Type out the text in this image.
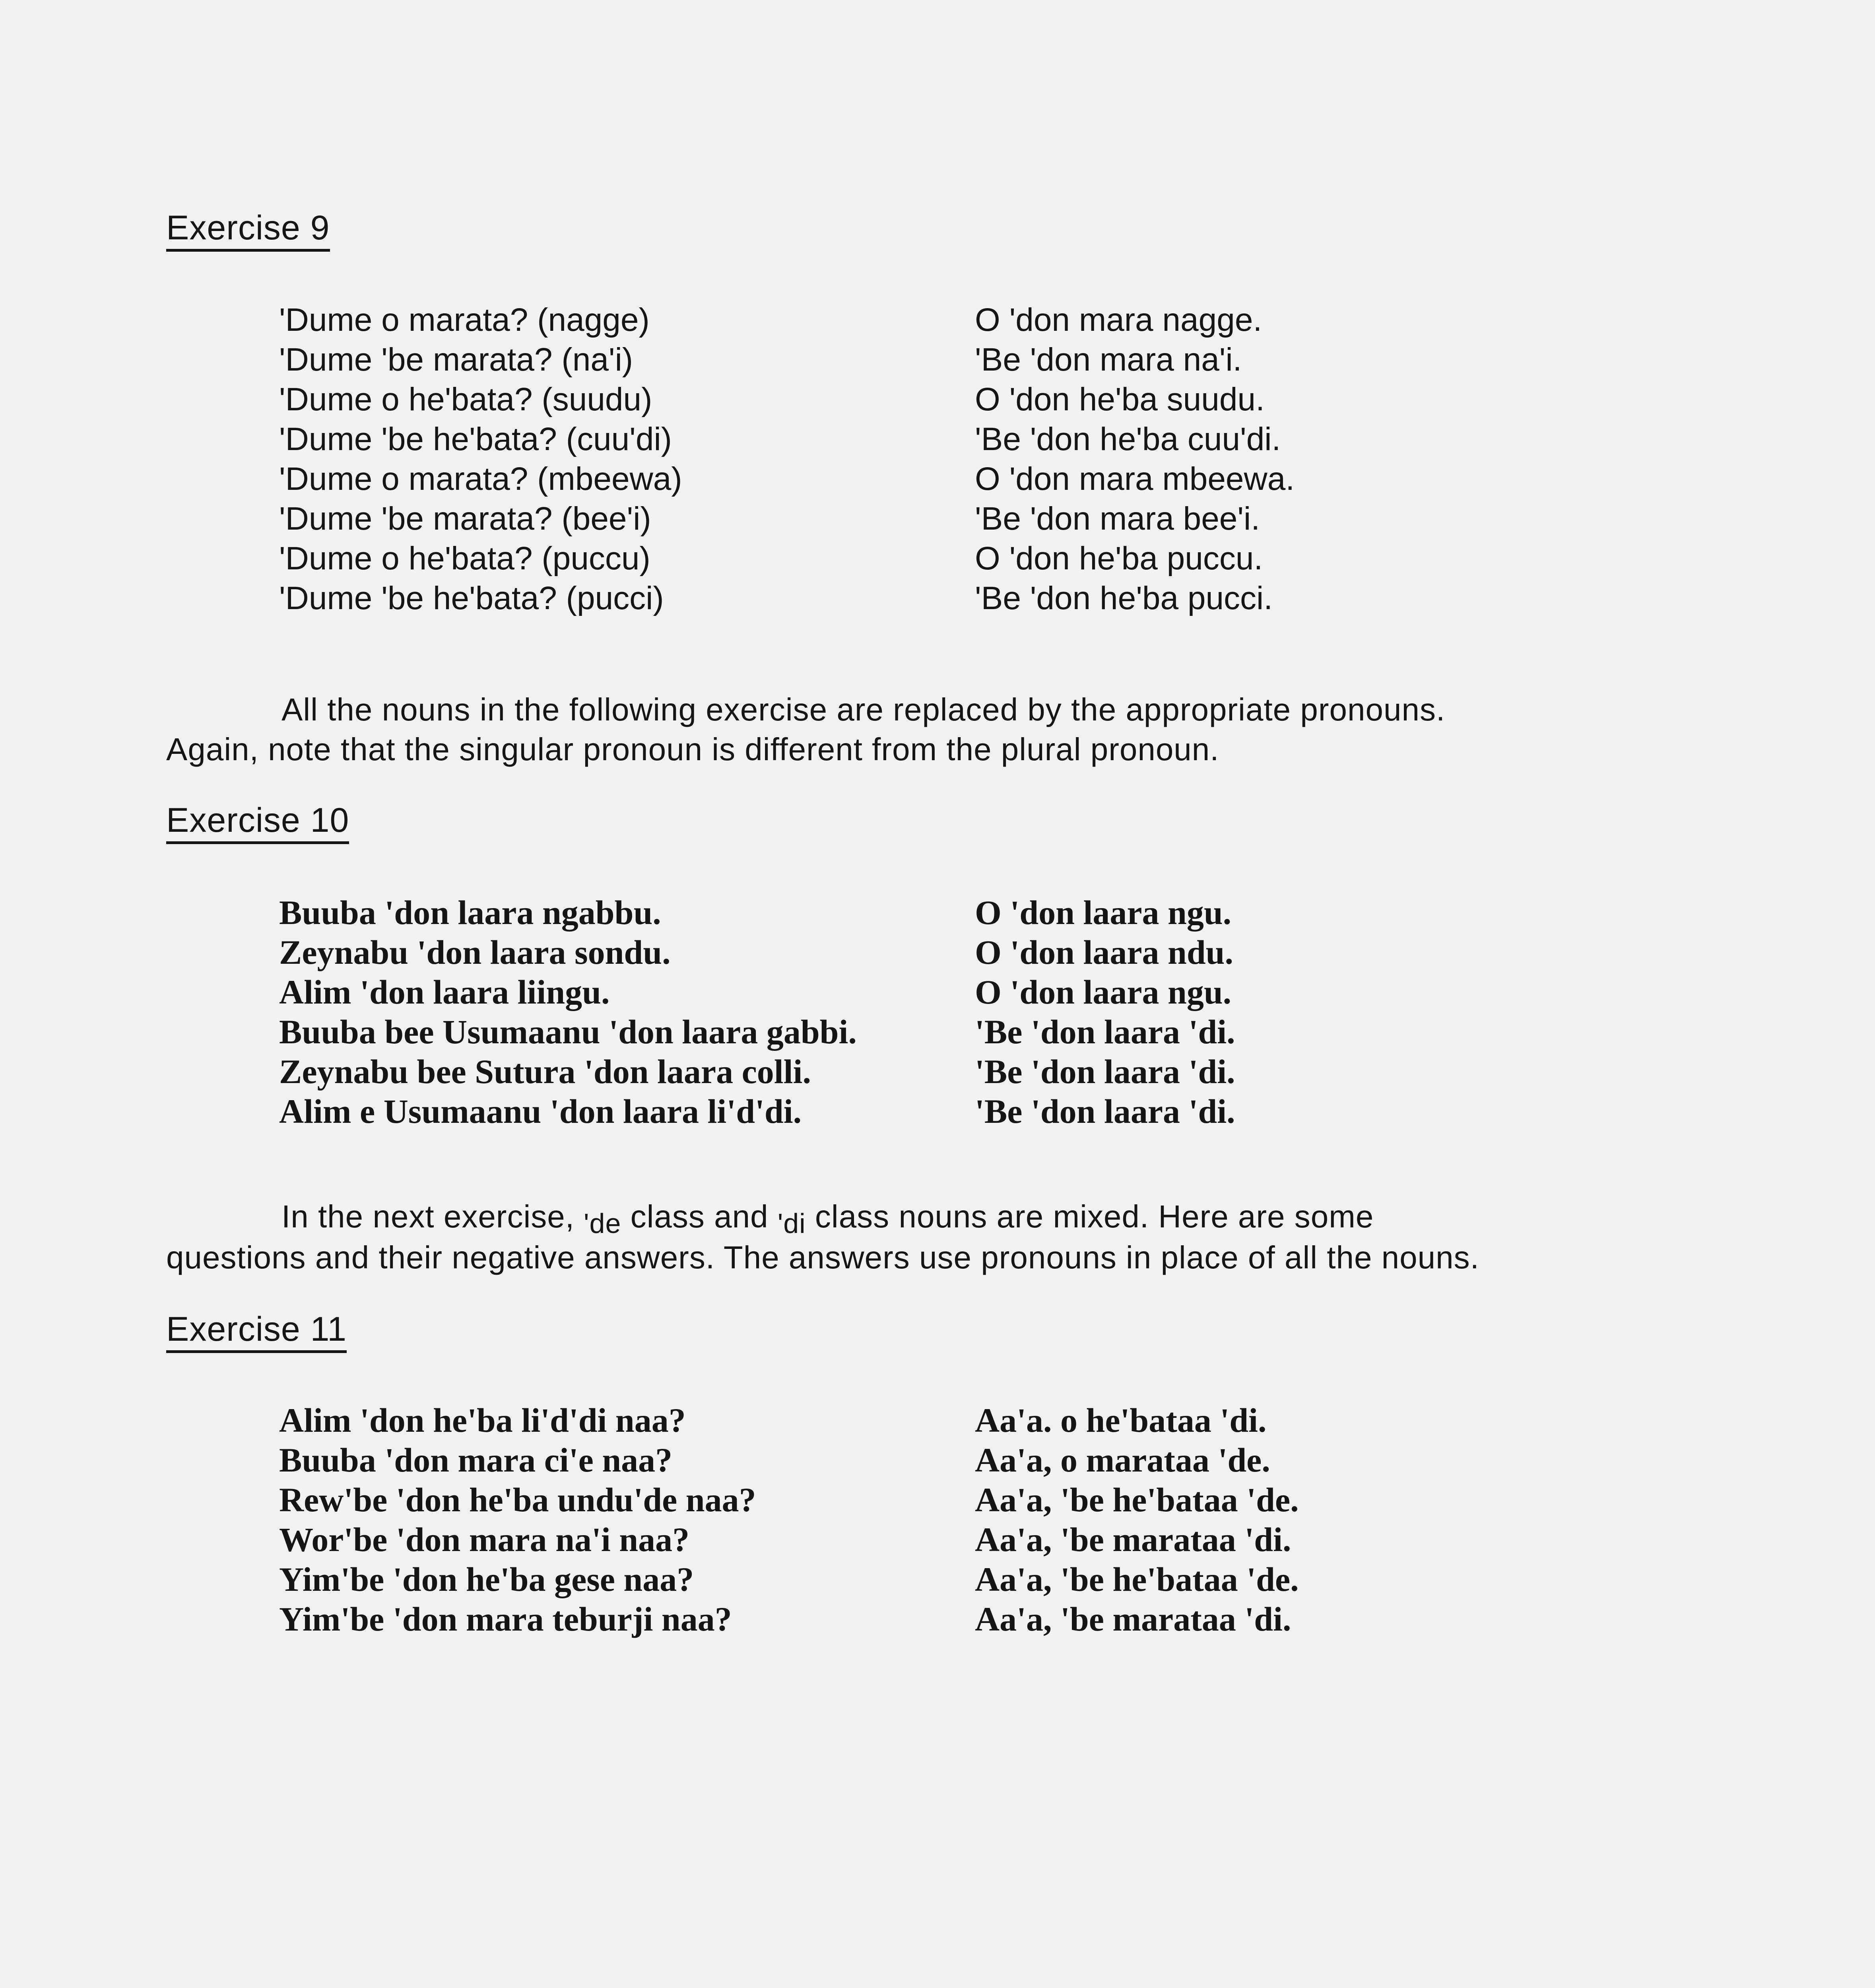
Exercise 9
'Dume o marata? (nagge)	O 'don mara nagge.
'Dume 'be marata? (na'i)	'Be 'don mara na'i.
'Dume o he'bata? (suudu)	O 'don he'ba suudu.
'Dume 'be he'bata? (cuu'di)	'Be 'don he'ba cuu'di.
'Dume o marata? (mbeewa)	O 'don mara mbeewa.
'Dume 'be marata? (bee'i)	'Be 'don mara bee'i.
'Dume o he'bata? (puccu)	O 'don he'ba puccu.
'Dume 'be he'bata? (pucci)	'Be 'don he'ba pucci.
All the nouns in the following exercise are replaced by the appropriate pronouns.
Again, note that the singular pronoun is different from the plural pronoun.
Exercise 10
Buuba 'don laara ngabbu.	O 'don laara ngu.
Zeynabu 'don laara sondu.	O 'don laara ndu.
Alim 'don laara liingu.	O 'don laara ngu.
Buuba bee Usumaanu 'don laara gabbi.	'Be 'don laara 'di.
Zeynabu bee Sutura 'don laara colli.	'Be 'don laara 'di.
Alim e Usumaanu 'don laara li'd'di.	'Be 'don laara 'di.
In the next exercise, 'de class and 'di class nouns are mixed. Here are some
questions and their negative answers. The answers use pronouns in place of all the nouns.
Exercise 11
Alim 'don he'ba li'd'di naa?	Aa'a. o he'bataa 'di.
Buuba 'don mara ci'e naa?	Aa'a, o marataa 'de.
Rew'be 'don he'ba undu'de naa?	Aa'a, 'be he'bataa 'de.
Wor'be 'don mara na'i naa?	Aa'a, 'be marataa 'di.
Yim'be 'don he'ba gese naa?	Aa'a, 'be he'bataa 'de.
Yim'be 'don mara teburji naa?	Aa'a, 'be marataa 'di.
